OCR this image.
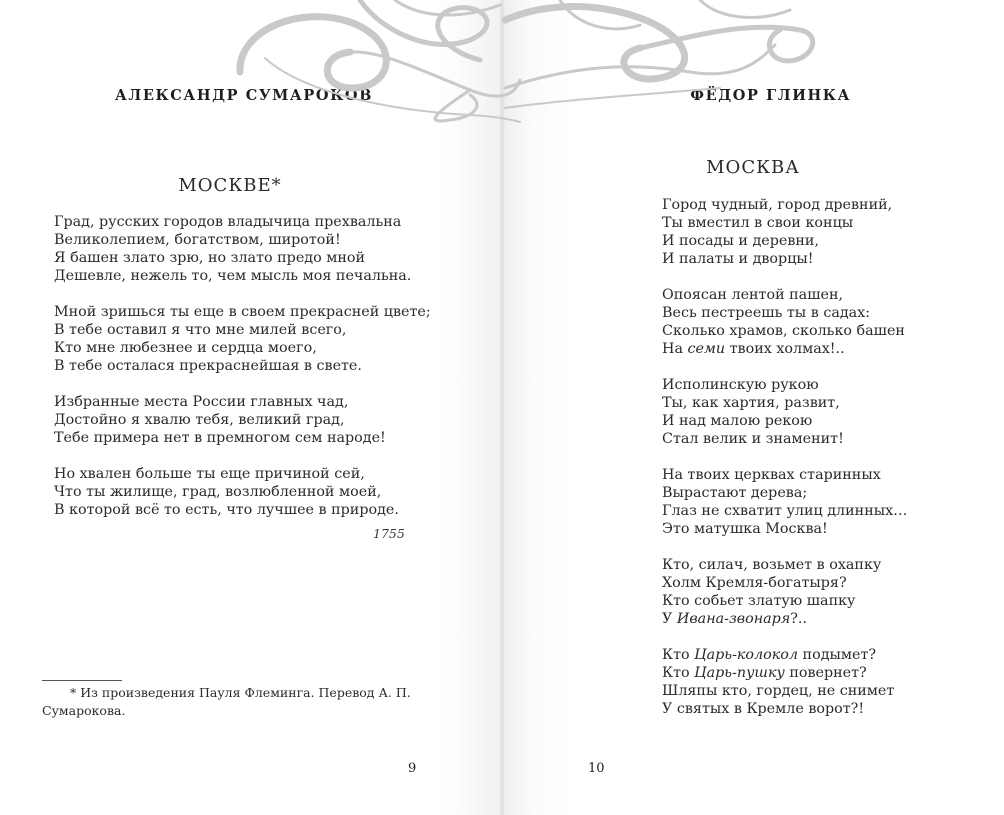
АЛЕКСАНДР СУМАРОКОВ
МОСКВЕ*
Град, русских городов владычица прехвальна
Великолепием, богатством, широтой!
Я башен злато зрю, но злато предо мной
Дешевле, нежель то, чем мысль моя печальна.
Мной зришься ты еще в своем прекрасней цвете;
В тебе оставил я что мне милей всего,
Кто мне любезнее и сердца моего,
В тебе осталася прекраснейшая в свете.
Избранные места России главных чад,
Достойно я хвалю тебя, великий град,
Тебе примера нет в премногом сем народе!
Но хвален больше ты еще причиной сей,
Что ты жилище, град, возлюбленной моей,
В которой всё то есть, что лучшее в природе.
1755
* Из произведения Пауля Флеминга. Перевод А. П. Сумарокова.
9
ФЁДОР ГЛИНКА
МОСКВА
Город чудный, город древний,
Ты вместил в свои концы
И посады и деревни,
И палаты и дворцы!
Опоясан лентой пашен,
Весь пестреешь ты в садах:
Сколько храмов, сколько башен
На семи твоих холмах!..
Исполинскую рукою
Ты, как хартия, развит,
И над малою рекою
Стал велик и знаменит!
На твоих церквах старинных
Вырастают дерева;
Глаз не схватит улиц длинных…
Это матушка Москва!
Кто, силач, возьмет в охапку
Холм Кремля-богатыря?
Кто собьет златую шапку
У Ивана-звонаря?..
Кто Царь-колокол подымет?
Кто Царь-пушку повернет?
Шляпы кто, гордец, не снимет
У святых в Кремле ворот?!
10
